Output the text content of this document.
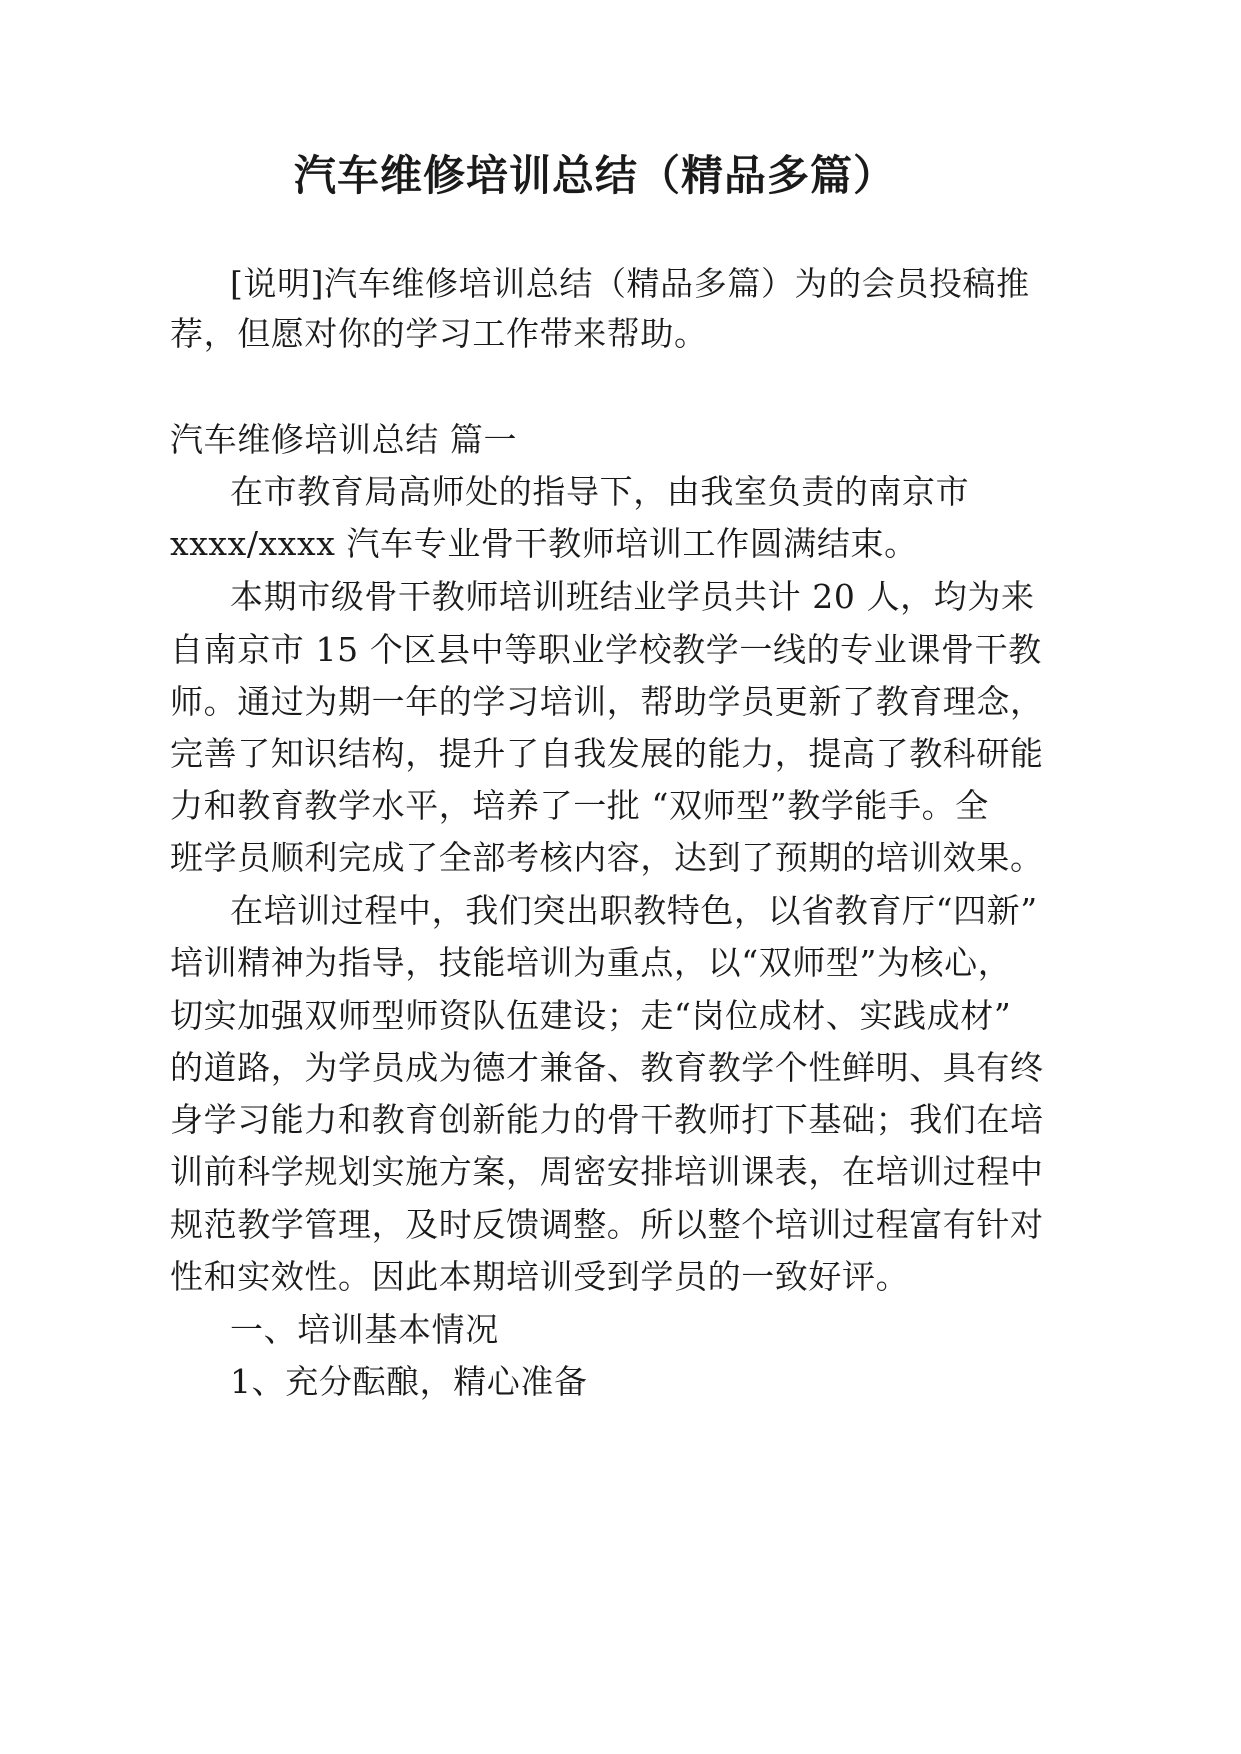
汽车维修培训总结（精品多篇）
[说明]汽车维修培训总结（精品多篇）为的会员投稿推
荐，但愿对你的学习工作带来帮助。
汽车维修培训总结 篇一
在市教育局高师处的指导下，由我室负责的南京市
xxxx/xxxx 汽车专业骨干教师培训工作圆满结束。
本期市级骨干教师培训班结业学员共计 20 人，均为来
自南京市 15 个区县中等职业学校教学一线的专业课骨干教
师。通过为期一年的学习培训，帮助学员更新了教育理念，
完善了知识结构，提升了自我发展的能力，提高了教科研能
力和教育教学水平，培养了一批 “双师型”教学能手。全
班学员顺利完成了全部考核内容，达到了预期的培训效果。
在培训过程中，我们突出职教特色，以省教育厅“四新”
培训精神为指导，技能培训为重点，以“双师型”为核心，
切实加强双师型师资队伍建设；走“岗位成材、实践成材”
的道路，为学员成为德才兼备、教育教学个性鲜明、具有终
身学习能力和教育创新能力的骨干教师打下基础；我们在培
训前科学规划实施方案，周密安排培训课表，在培训过程中
规范教学管理，及时反馈调整。所以整个培训过程富有针对
性和实效性。因此本期培训受到学员的一致好评。
一、培训基本情况
1、充分酝酿，精心准备
